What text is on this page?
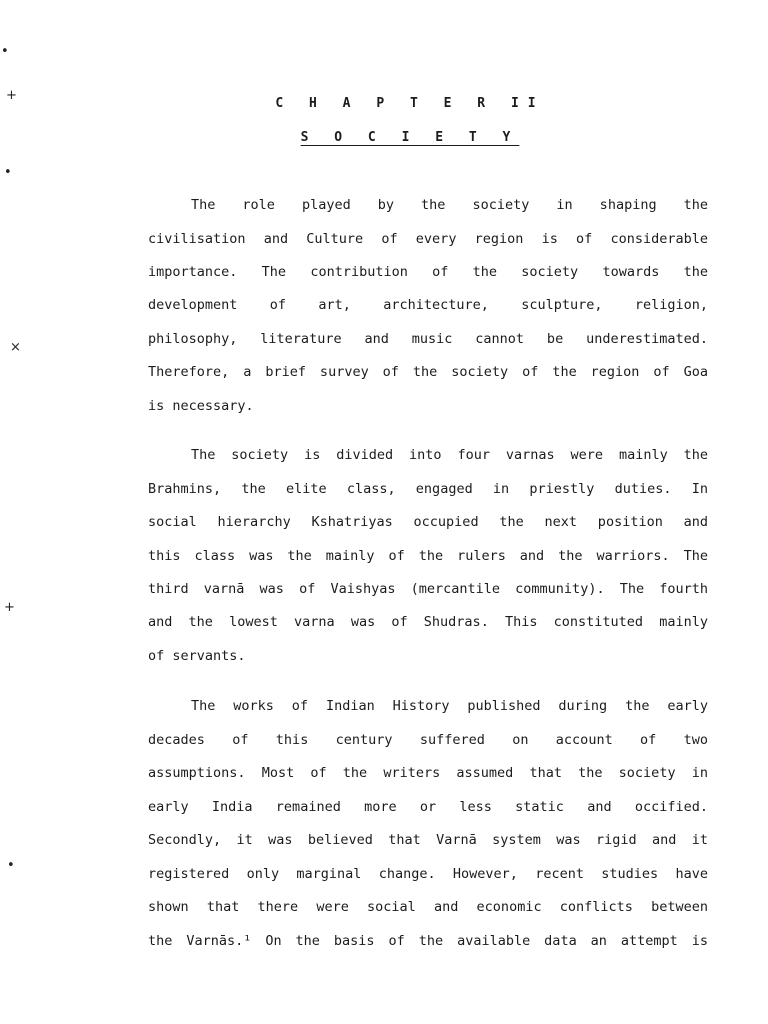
C H A P T E R II
S O C I E T Y
The role played by the society in shaping the
civilisation and Culture of every region is of considerable
importance. The contribution of the society towards the
development of art, architecture, sculpture, religion,
philosophy, literature and music cannot be underestimated.
Therefore, a brief survey of the society of the region of Goa
is necessary.
The society is divided into four varnas were mainly the
Brahmins, the elite class, engaged in priestly duties. In
social hierarchy Kshatriyas occupied the next position and
this class was the mainly of the rulers and the warriors. The
third varnā was of Vaishyas (mercantile community). The fourth
and the lowest varna was of Shudras. This constituted mainly
of servants.
The works of Indian History published during the early
decades of this century suffered on account of two
assumptions. Most of the writers assumed that the society in
early India remained more or less static and occified.
Secondly, it was believed that Varnā system was rigid and it
registered only marginal change. However, recent studies have
shown that there were social and economic conflicts between
the Varnās.¹ On the basis of the available data an attempt is
•
+
•
×
+
•
